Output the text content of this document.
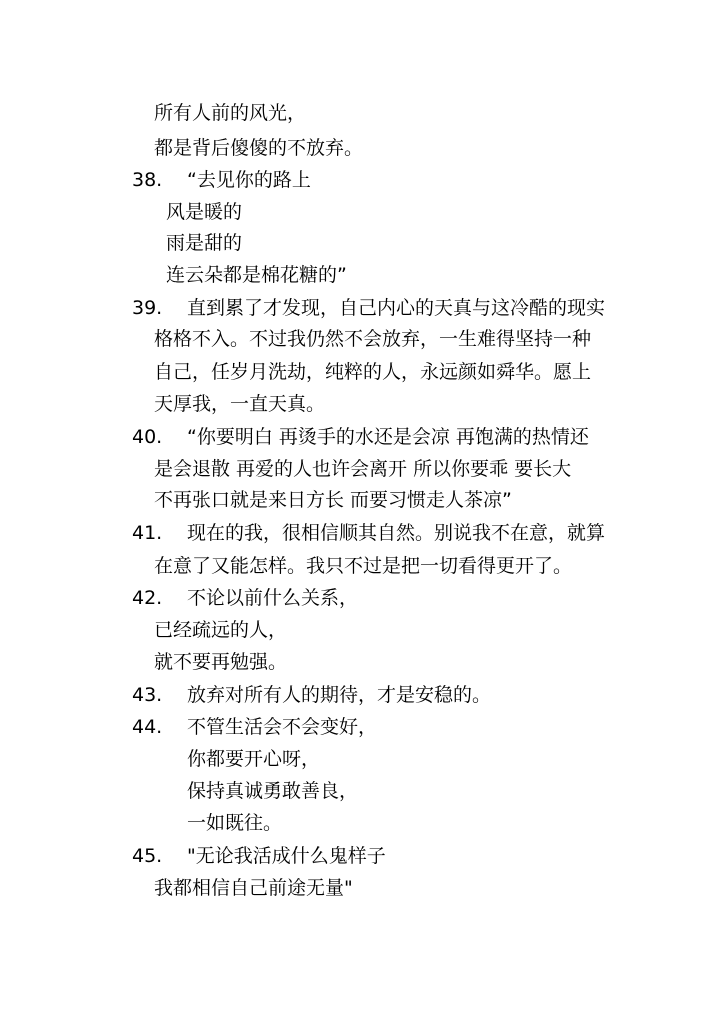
所有人前的风光，
都是背后傻傻的不放弃。
38. “去见你的路上
风是暖的
雨是甜的
连云朵都是棉花糖的”
39. 直到累了才发现，自己内心的天真与这冷酷的现实
格格不入。不过我仍然不会放弃，一生难得坚持一种
自己，任岁月洗劫，纯粹的人，永远颜如舜华。愿上
天厚我，一直天真。
40. “你要明白 再烫手的水还是会凉 再饱满的热情还
是会退散 再爱的人也许会离开 所以你要乖 要长大
不再张口就是来日方长 而要习惯走人茶凉”
41. 现在的我，很相信顺其自然。别说我不在意，就算
在意了又能怎样。我只不过是把一切看得更开了。
42. 不论以前什么关系，
已经疏远的人，
就不要再勉强。
43. 放弃对所有人的期待，才是安稳的。
44. 不管生活会不会变好，
你都要开心呀，
保持真诚勇敢善良，
一如既往。
45. "无论我活成什么鬼样子
我都相信自己前途无量"
